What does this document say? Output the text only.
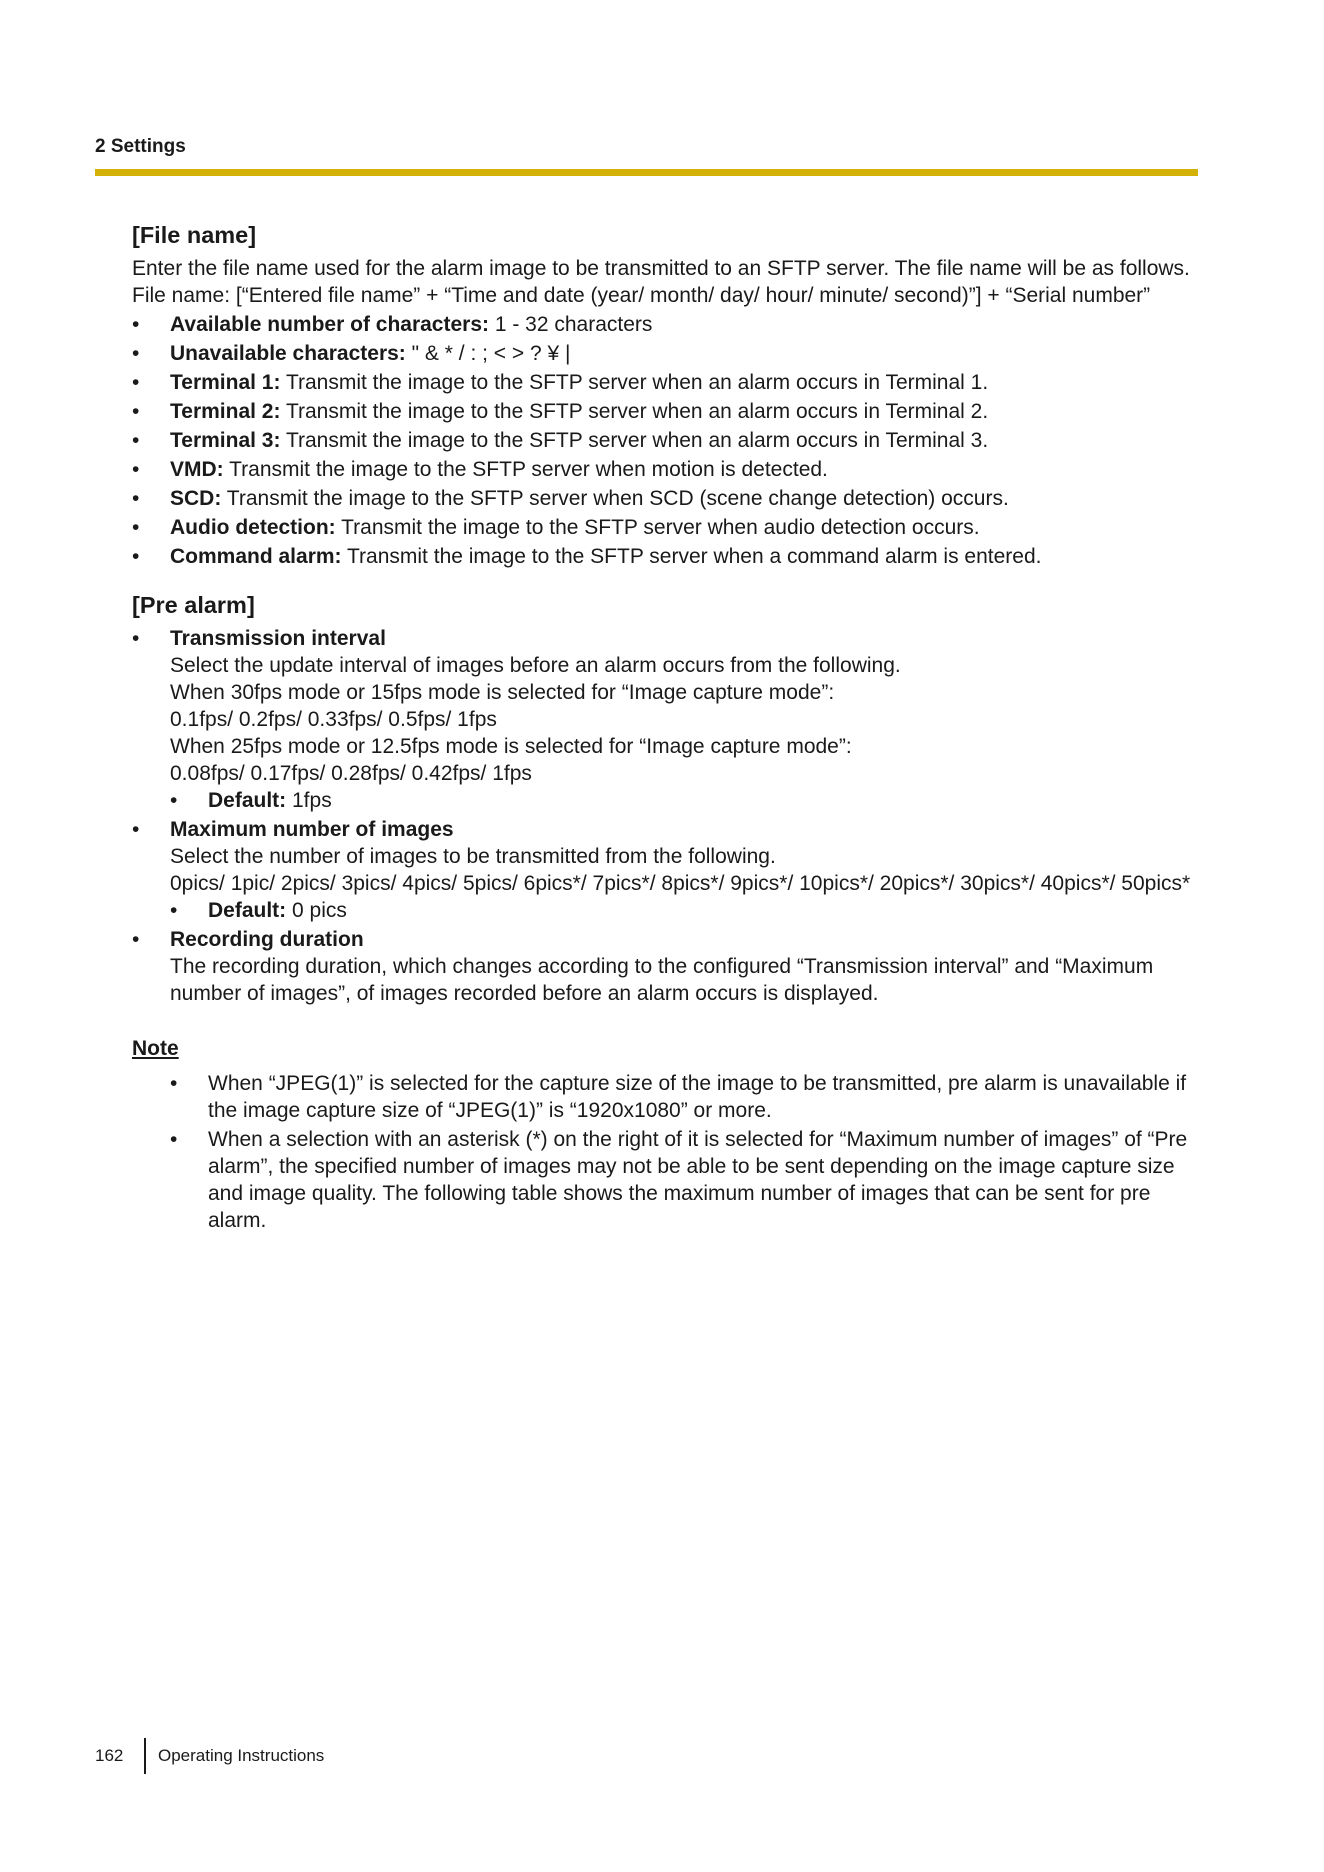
2 Settings
[File name]

Enter the file name used for the alarm image to be transmitted to an SFTP server. The file name will be as follows.

File name: [“Entered file name” + “Time and date (year/ month/ day/ hour/ minute/ second)”] + “Serial number”

• Available number of characters: 1 - 32 characters
• Unavailable characters: " & * / : ; < > ? ¥ |
• Terminal 1: Transmit the image to the SFTP server when an alarm occurs in Terminal 1.
• Terminal 2: Transmit the image to the SFTP server when an alarm occurs in Terminal 2.
• Terminal 3: Transmit the image to the SFTP server when an alarm occurs in Terminal 3.
• VMD: Transmit the image to the SFTP server when motion is detected.
• SCD: Transmit the image to the SFTP server when SCD (scene change detection) occurs.
• Audio detection: Transmit the image to the SFTP server when audio detection occurs.
• Command alarm: Transmit the image to the SFTP server when a command alarm is entered.
[Pre alarm]
• Transmission interval
Select the update interval of images before an alarm occurs from the following.
When 30fps mode or 15fps mode is selected for “Image capture mode”:
0.1fps/ 0.2fps/ 0.33fps/ 0.5fps/ 1fps
When 25fps mode or 12.5fps mode is selected for “Image capture mode”:
0.08fps/ 0.17fps/ 0.28fps/ 0.42fps/ 1fps
• Default: 1fps
• Maximum number of images
Select the number of images to be transmitted from the following.
0pics/ 1pic/ 2pics/ 3pics/ 4pics/ 5pics/ 6pics*/ 7pics*/ 8pics*/ 9pics*/ 10pics*/ 20pics*/ 30pics*/ 40pics*/ 50pics*
• Default: 0 pics
• Recording duration
The recording duration, which changes according to the configured “Transmission interval” and “Maximum number of images”, of images recorded before an alarm occurs is displayed.
Note
• When “JPEG(1)” is selected for the capture size of the image to be transmitted, pre alarm is unavailable if the image capture size of “JPEG(1)” is “1920x1080” or more.
• When a selection with an asterisk (*) on the right of it is selected for “Maximum number of images” of “Pre alarm”, the specified number of images may not be able to be sent depending on the image capture size and image quality. The following table shows the maximum number of images that can be sent for pre alarm.
162 Operating Instructions
